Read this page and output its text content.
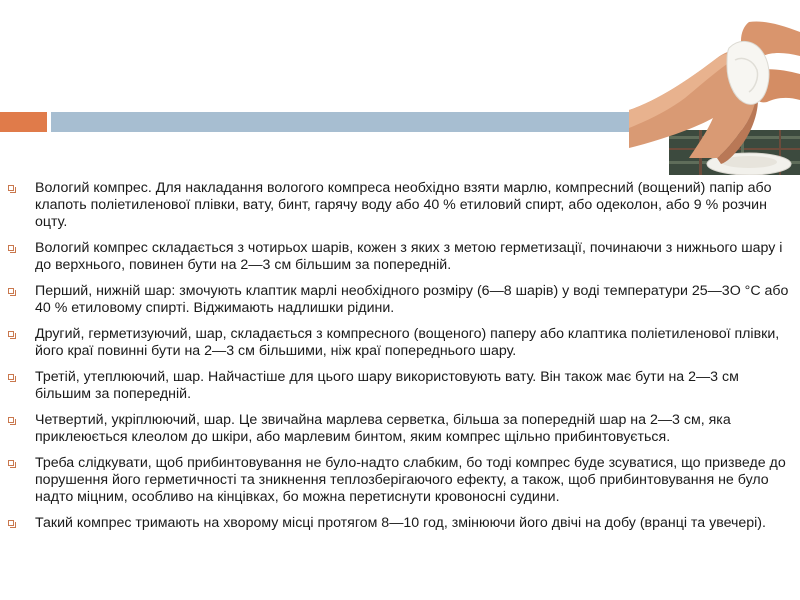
Вологий компрес. Для накладання вологого компреса необхідно взяти марлю, компресний (вощений) папір або клапоть поліетиленової плівки, вату, бинт, гарячу воду або 40 % етиловий спирт, або одеколон, або 9 % розчин оцту.
Вологий компрес складається з чотирьох шарів, кожен з яких з метою герметизації, починаючи з нижнього шару і до верхнього, повинен бути на 2—3 см більшим за попередній.
Перший, нижній шар: змочують клаптик марлі необхідного розміру (6—8 шарів) у воді температури 25—3О °С або 40 % етиловому спирті. Віджимають надлишки рідини.
Другий, герметизуючий, шар, складається з компресного (вощеного) паперу або клаптика поліетиленової плівки, його краї повинні бути на 2—3 см більшими, ніж краї попереднього шару.
Третій, утеплюючий, шар. Найчастіше для цього шару використовують вату. Він також має бути на 2—3 см більшим за попередній.
Четвертий, укріплюючий, шар. Це звичайна марлева серветка, більша за попередній шар на 2—3 см, яка приклеюється клеолом до шкіри, або марлевим бинтом, яким компрес щільно прибинтовується.
Треба слідкувати, щоб прибинтовування не було-надто слабким, бо тоді компрес буде зсуватися, що призведе до порушення його герметичності та зникнення теплозберігаючого ефекту, а також, щоб прибинтовування не було надто міцним, особливо на кінцівках, бо можна перетиснути кровоносні судини.
Такий компрес тримають на хворому місці протягом 8—10 год, змінюючи його двічі на добу (вранці та увечері).
